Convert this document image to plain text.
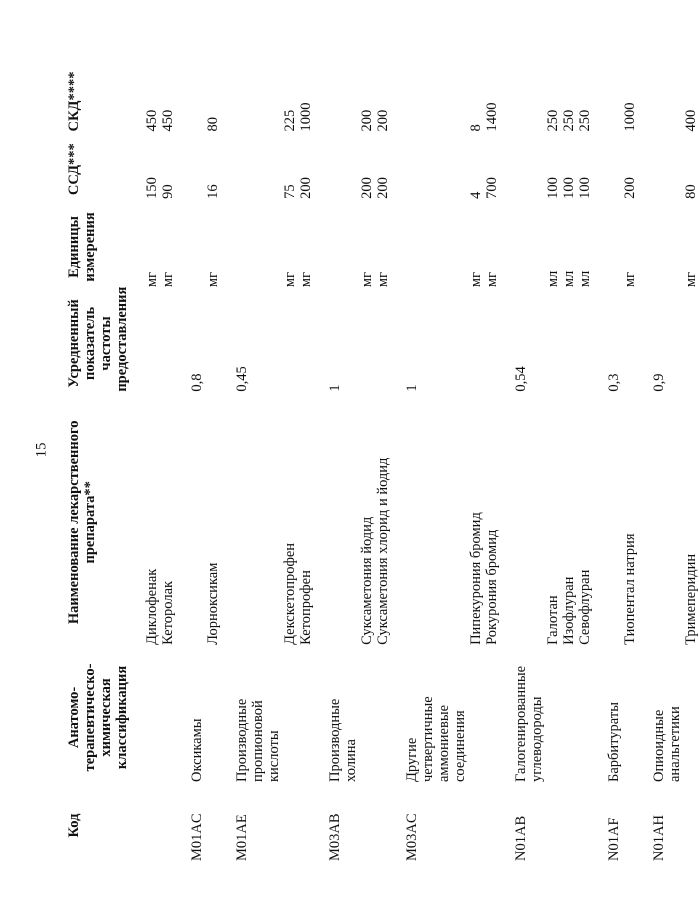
15
Код	Анатомо-терапевтическо-химическая классификация	Наименование лекарственного препарата**	Усредненный показатель частоты предоставления	Единицы измерения	ССД***	СКД****
		Диклофенак		мг	150	450
		Кеторолак		мг	90	450
M01AC	Оксикамы		0,8			
		Лорноксикам		мг	16	80
M01AE	Производные пропионовой кислоты		0,45			
		Декскетопрофен		мг	75	225
		Кетопрофен		мг	200	1000
M03AB	Производные холина		1			
		Суксаметония йодид		мг	200	200
		Суксаметония хлорид и йодид		мг	200	200
M03AC	Другие четвертичные аммониевые соединения		1			
		Пипекурония бромид		мг	4	8
		Рокурония бромид		мг	700	1400
N01AB	Галогенированные углеводороды		0,54			
		Галотан		мл	100	250
		Изофлуран		мл	100	250
		Севофлуран		мл	100	250
N01AF	Барбитураты		0,3			
		Тиопентал натрия		мг	200	1000
N01AH	Опиоидные анальгетики		0,9			
		Тримеперидин		мг	80	400
